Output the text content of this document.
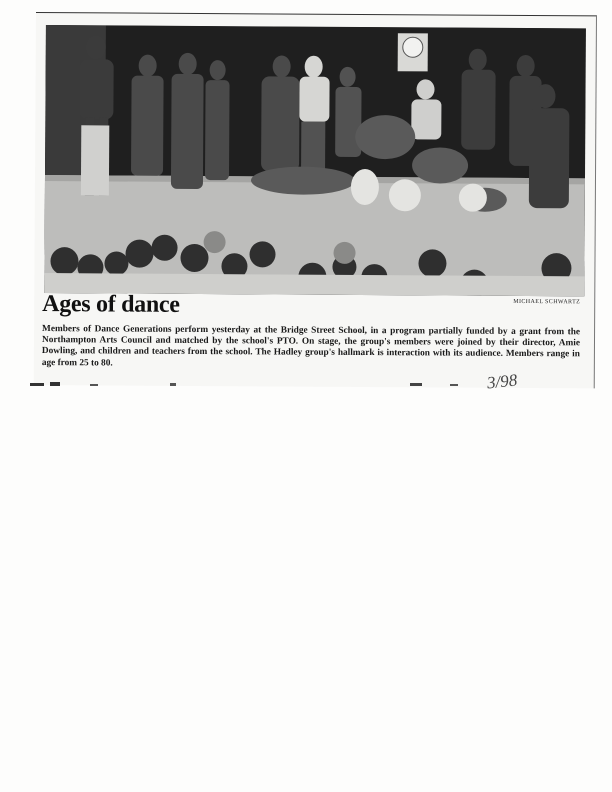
Ages of dance	MICHAEL SCHWARTZ
Members of Dance Generations perform yesterday at the Bridge Street School, in a program partially funded by a grant from the Northampton Arts Council and matched by the school's PTO. On stage, the group's members were joined by their director, Amie Dowling, and children and teachers from the school. The Hadley group's hallmark is interaction with its audience. Members range in age from 25 to 80.
3/98
